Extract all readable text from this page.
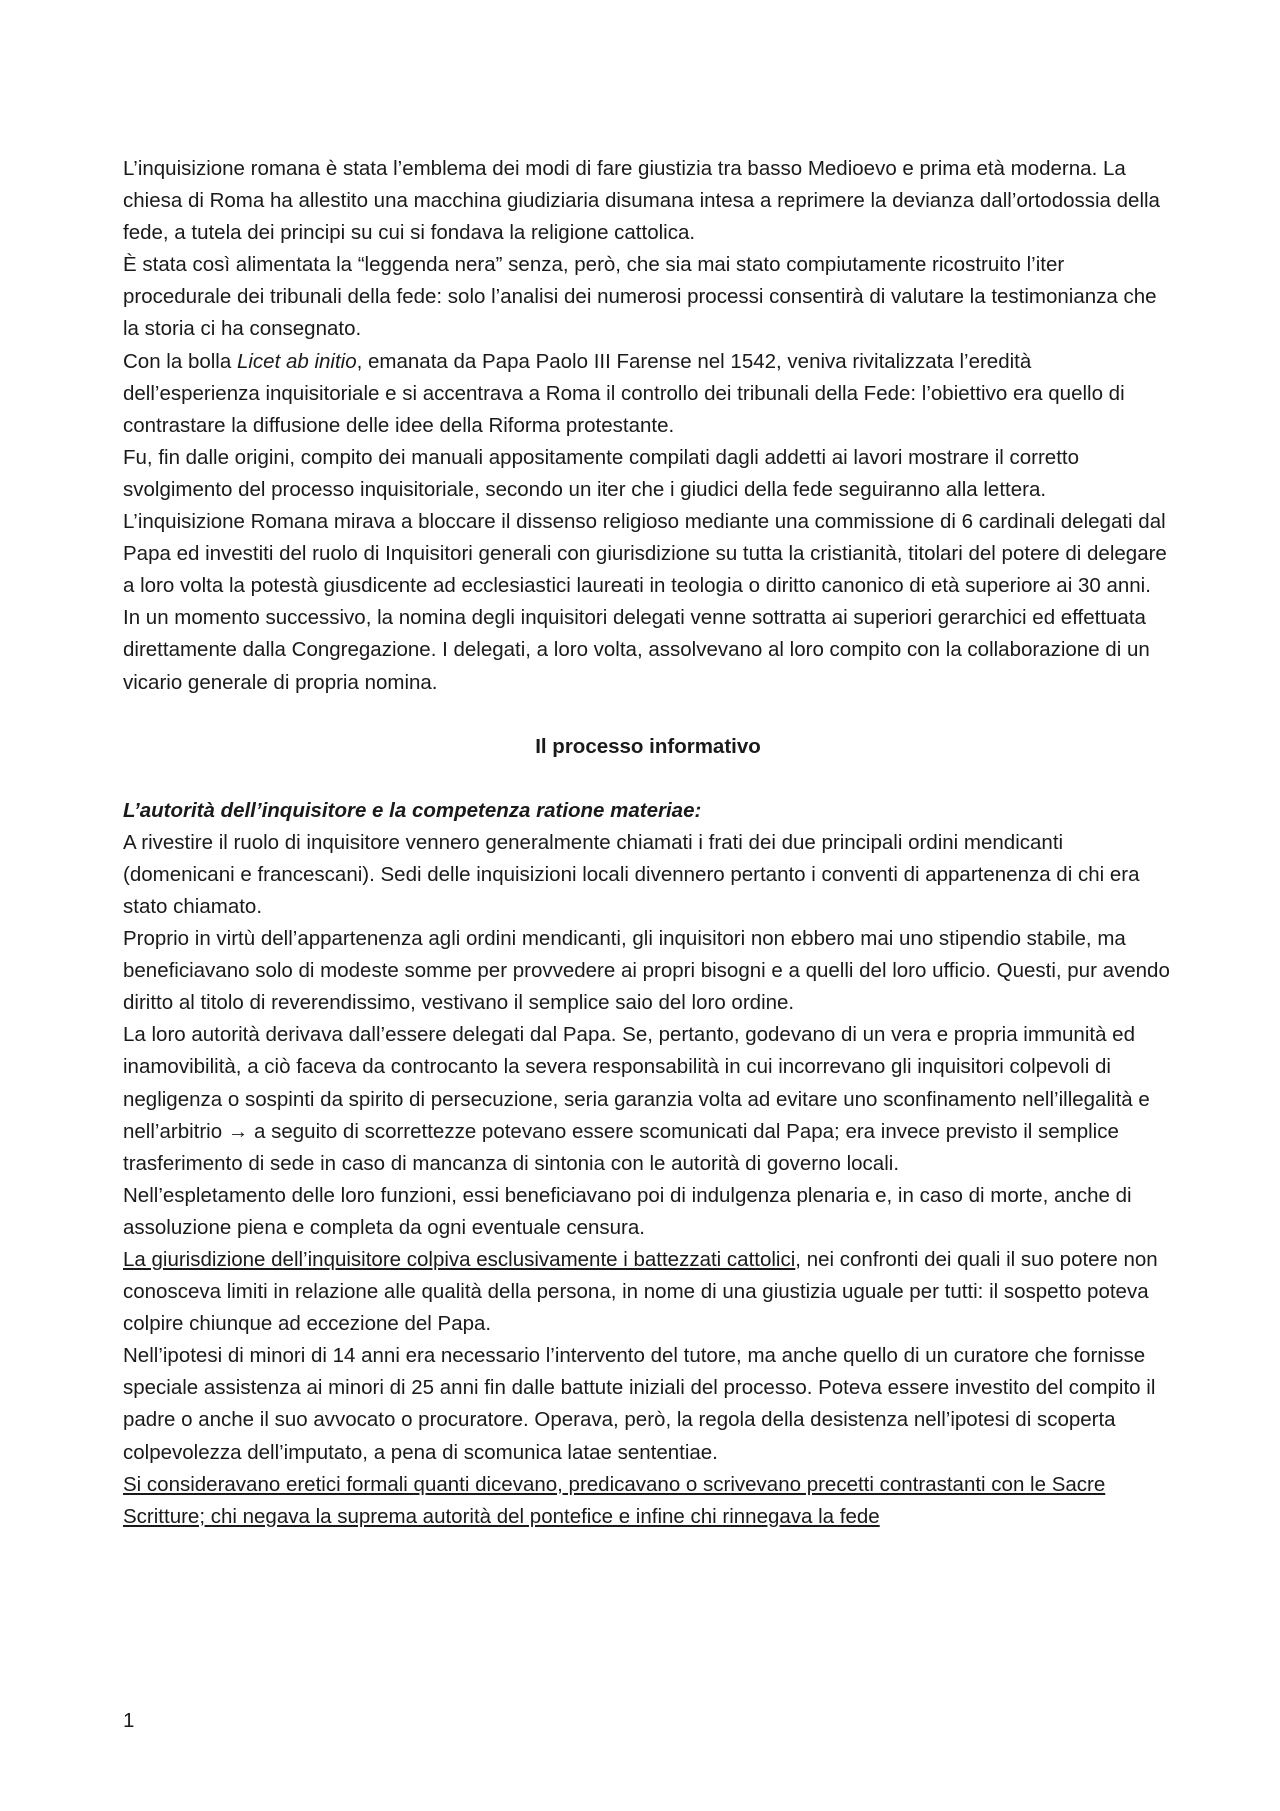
L’inquisizione romana è stata l’emblema dei modi di fare giustizia tra basso Medioevo e prima età moderna. La chiesa di Roma ha allestito una macchina giudiziaria disumana intesa a reprimere la devianza dall’ortodossia della fede, a tutela dei principi su cui si fondava la religione cattolica.

È stata così alimentata la “leggenda nera” senza, però, che sia mai stato compiutamente ricostruito l’iter procedurale dei tribunali della fede: solo l’analisi dei numerosi processi consentirà di valutare la testimonianza che la storia ci ha consegnato.

Con la bolla Licet ab initio, emanata da Papa Paolo III Farense nel 1542, veniva rivitalizzata l’eredità dell’esperienza inquisitoriale e si accentrava a Roma il controllo dei tribunali della Fede: l’obiettivo era quello di contrastare la diffusione delle idee della Riforma protestante.

Fu, fin dalle origini, compito dei manuali appositamente compilati dagli addetti ai lavori mostrare il corretto svolgimento del processo inquisitoriale, secondo un iter che i giudici della fede seguiranno alla lettera.

L’inquisizione Romana mirava a bloccare il dissenso religioso mediante una commissione di 6 cardinali delegati dal Papa ed investiti del ruolo di Inquisitori generali con giurisdizione su tutta la cristianità, titolari del potere di delegare a loro volta la potestà giusdicente ad ecclesiastici laureati in teologia o diritto canonico di età superiore ai 30 anni.

In un momento successivo, la nomina degli inquisitori delegati venne sottratta ai superiori gerarchici ed effettuata direttamente dalla Congregazione. I delegati, a loro volta, assolvevano al loro compito con la collaborazione di un vicario generale di propria nomina.

Il processo informativo

L’autorità dell’inquisitore e la competenza ratione materiae:

A rivestire il ruolo di inquisitore vennero generalmente chiamati i frati dei due principali ordini mendicanti (domenicani e francescani). Sedi delle inquisizioni locali divennero pertanto i conventi di appartenenza di chi era stato chiamato.

Proprio in virtù dell’appartenenza agli ordini mendicanti, gli inquisitori non ebbero mai uno stipendio stabile, ma beneficiavano solo di modeste somme per provvedere ai propri bisogni e a quelli del loro ufficio. Questi, pur avendo diritto al titolo di reverendissimo, vestivano il semplice saio del loro ordine.

La loro autorità derivava dall’essere delegati dal Papa. Se, pertanto, godevano di un vera e propria immunità ed inamovibilità, a ciò faceva da controcanto la severa responsabilità in cui incorrevano gli inquisitori colpevoli di negligenza o sospinti da spirito di persecuzione, seria garanzia volta ad evitare uno sconfinamento nell’illegalità e nell’arbitrio → a seguito di scorrettezze potevano essere scomunicati dal Papa; era invece previsto il semplice trasferimento di sede in caso di mancanza di sintonia con le autorità di governo locali.

Nell’espletamento delle loro funzioni, essi beneficiavano poi di indulgenza plenaria e, in caso di morte, anche di assoluzione piena e completa da ogni eventuale censura.

La giurisdizione dell’inquisitore colpiva esclusivamente i battezzati cattolici, nei confronti dei quali il suo potere non conosceva limiti in relazione alle qualità della persona, in nome di una giustizia uguale per tutti: il sospetto poteva colpire chiunque ad eccezione del Papa.

Nell’ipotesi di minori di 14 anni era necessario l’intervento del tutore, ma anche quello di un curatore che fornisse speciale assistenza ai minori di 25 anni fin dalle battute iniziali del processo. Poteva essere investito del compito il padre o anche il suo avvocato o procuratore. Operava, però, la regola della desistenza nell’ipotesi di scoperta colpevolezza dell’imputato, a pena di scomunica latae sententiae.

Si consideravano eretici formali quanti dicevano, predicavano o scrivevano precetti contrastanti con le Sacre Scritture; chi negava la suprema autorità del pontefice e infine chi rinnegava la fede

1
